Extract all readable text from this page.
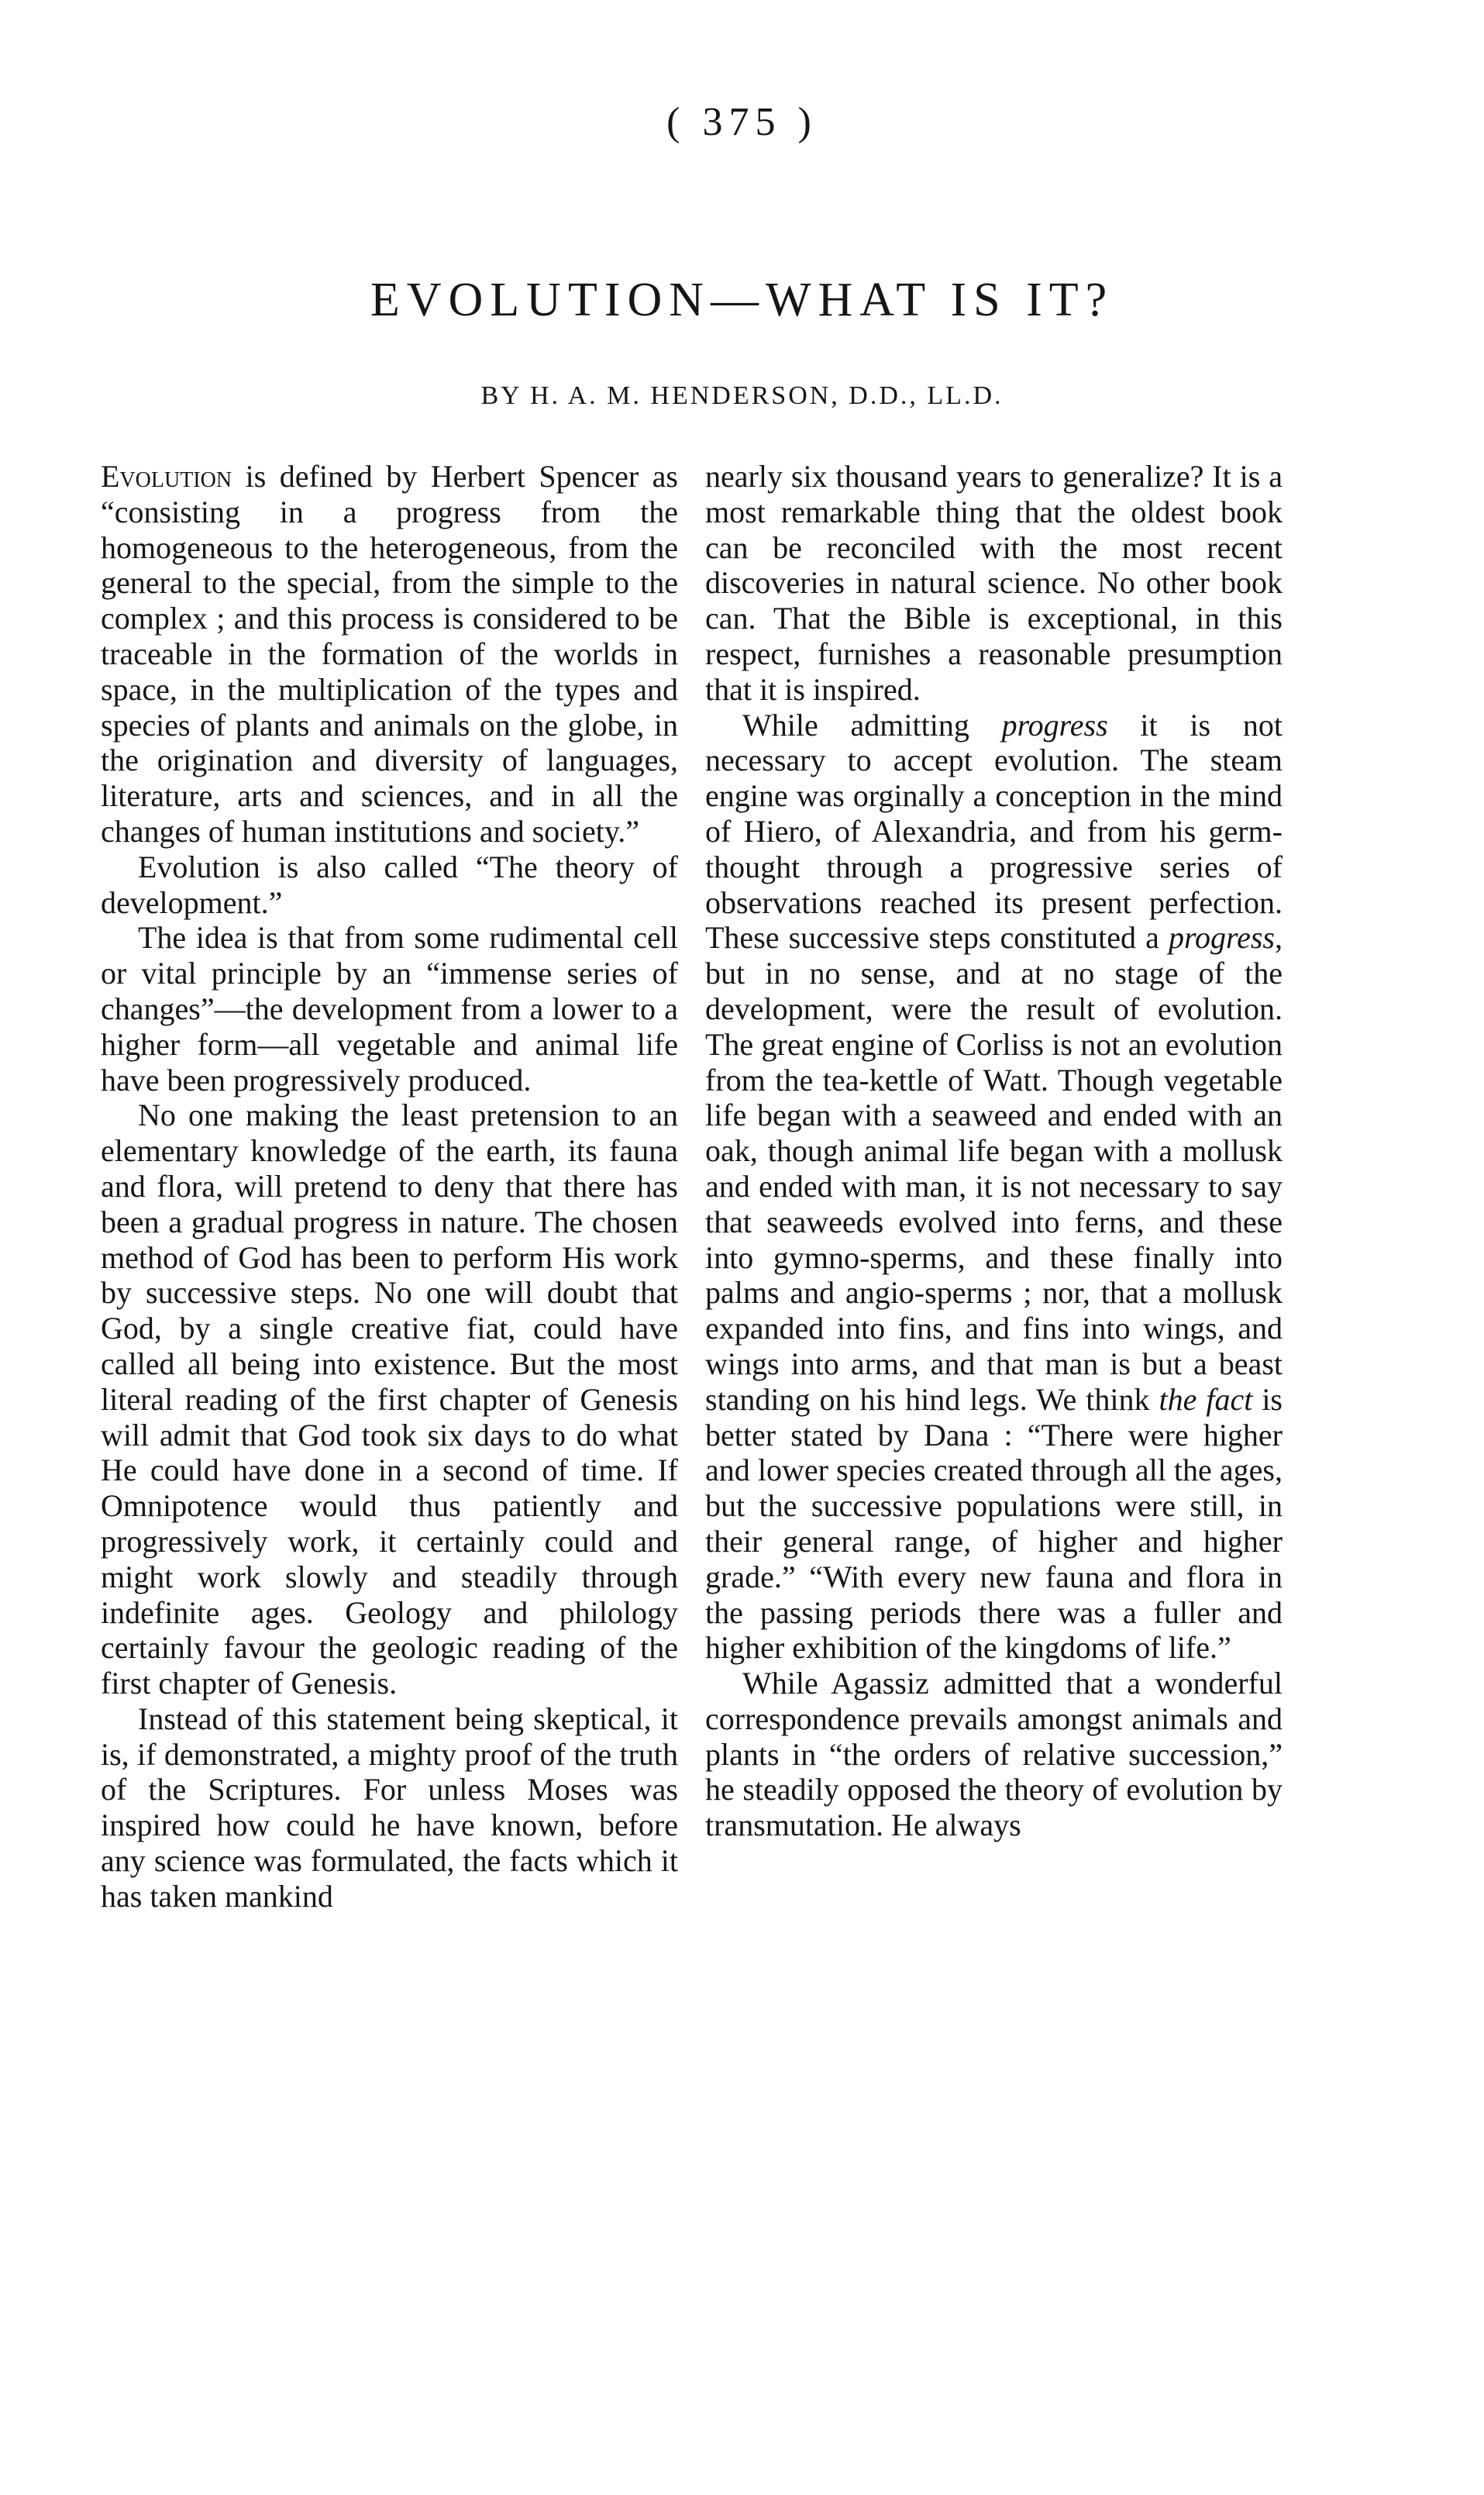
( 375 )
EVOLUTION—WHAT IS IT?
BY H. A. M. HENDERSON, D.D., LL.D.

Evolution is defined by Herbert Spencer as “consisting in a progress from the homogeneous to the heterogeneous, from the general to the special, from the simple to the complex ; and this process is considered to be traceable in the formation of the worlds in space, in the multiplication of the types and species of plants and animals on the globe, in the origination and diversity of languages, literature, arts and sciences, and in all the changes of human institutions and society.”

Evolution is also called “The theory of development.”

The idea is that from some rudimental cell or vital principle by an “immense series of changes”—the development from a lower to a higher form—all vegetable and animal life have been progressively produced.

No one making the least pretension to an elementary knowledge of the earth, its fauna and flora, will pretend to deny that there has been a gradual progress in nature. The chosen method of God has been to perform His work by successive steps. No one will doubt that God, by a single creative fiat, could have called all being into existence. But the most literal reading of the first chapter of Genesis will admit that God took six days to do what He could have done in a second of time. If Omnipotence would thus patiently and progressively work, it certainly could and might work slowly and steadily through indefinite ages. Geology and philology certainly favour the geologic reading of the first chapter of Genesis.

Instead of this statement being skeptical, it is, if demonstrated, a mighty proof of the truth of the Scriptures. For unless Moses was inspired how could he have known, before any science was formulated, the facts which it has taken mankind

nearly six thousand years to generalize? It is a most remarkable thing that the oldest book can be reconciled with the most recent discoveries in natural science. No other book can. That the Bible is exceptional, in this respect, furnishes a reasonable presumption that it is inspired.

While admitting progress it is not necessary to accept evolution. The steam engine was orginally a conception in the mind of Hiero, of Alexandria, and from his germ-thought through a progressive series of observations reached its present perfection. These successive steps constituted a progress, but in no sense, and at no stage of the development, were the result of evolution. The great engine of Corliss is not an evolution from the tea-kettle of Watt. Though vegetable life began with a seaweed and ended with an oak, though animal life began with a mollusk and ended with man, it is not necessary to say that seaweeds evolved into ferns, and these into gymno-sperms, and these finally into palms and angio-sperms ; nor, that a mollusk expanded into fins, and fins into wings, and wings into arms, and that man is but a beast standing on his hind legs. We think the fact is better stated by Dana : “There were higher and lower species created through all the ages, but the successive populations were still, in their general range, of higher and higher grade.” “With every new fauna and flora in the passing periods there was a fuller and higher exhibition of the kingdoms of life.”

While Agassiz admitted that a wonderful correspondence prevails amongst animals and plants in “the orders of relative succession,” he steadily opposed the theory of evolution by transmutation. He always
